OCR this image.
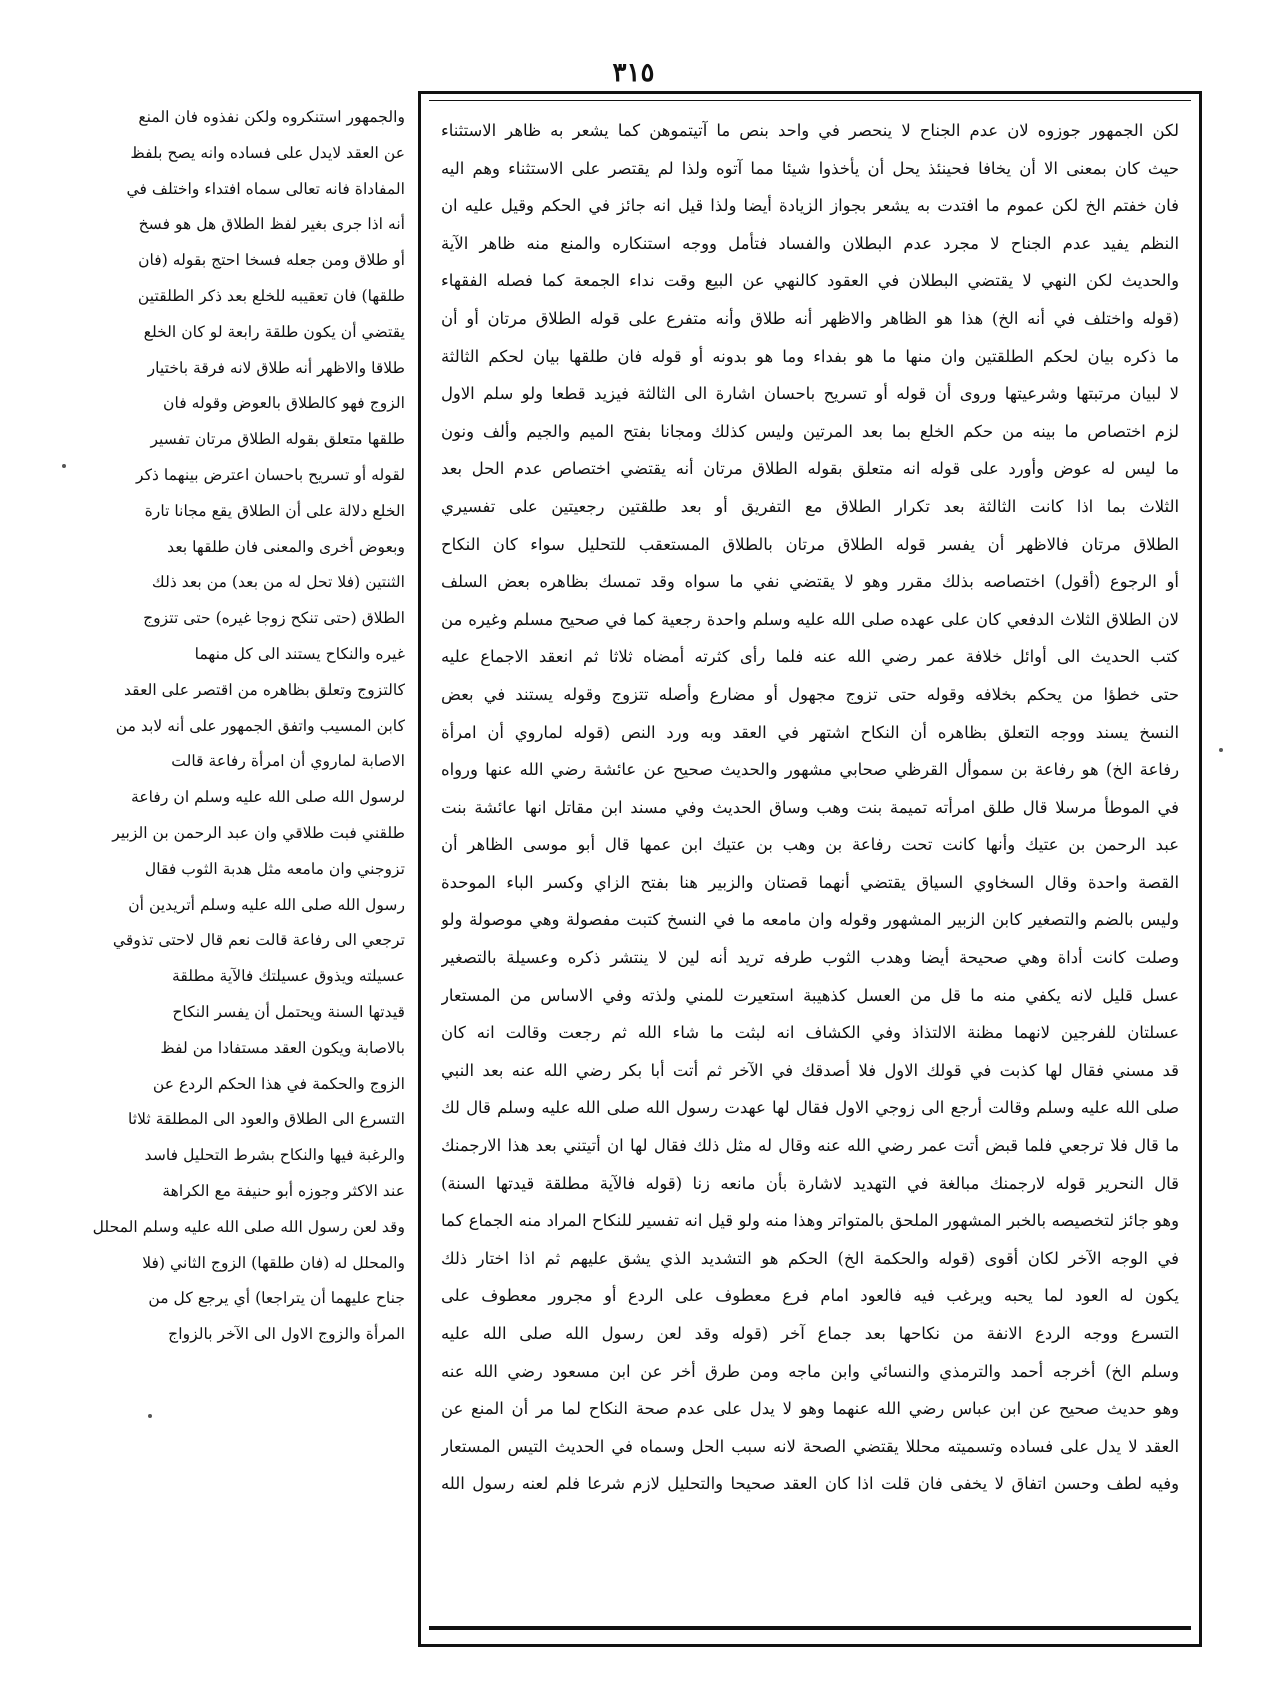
٣١٥
والجمهور استنكروه ولكن نفذوه فان المنع
عن العقد لايدل على فساده وانه يصح بلفظ
المفاداة فانه تعالى سماه افتداء واختلف في
أنه اذا جرى بغير لفظ الطلاق هل هو فسخ
أو طلاق ومن جعله فسخا احتج بقوله (فان
طلقها) فان تعقيبه للخلع بعد ذكر الطلقتين
يقتضي أن يكون طلقة رابعة لو كان الخلع
طلاقا والاظهر أنه طلاق لانه فرقة باختيار
الزوج فهو كالطلاق بالعوض وقوله فان
طلقها متعلق بقوله الطلاق مرتان تفسير
لقوله أو تسريح باحسان اعترض بينهما ذكر
الخلع دلالة على أن الطلاق يقع مجانا تارة
وبعوض أخرى والمعنى فان طلقها بعد
الثنتين (فلا تحل له من بعد) من بعد ذلك
الطلاق (حتى تنكح زوجا غيره) حتى تتزوج
غيره والنكاح يستند الى كل منهما
كالتزوج وتعلق بظاهره من اقتصر على العقد
كابن المسيب واتفق الجمهور على أنه لابد من
الاصابة لماروي أن امرأة رفاعة قالت
لرسول الله صلى الله عليه وسلم ان رفاعة
طلقني فبت طلاقي وان عبد الرحمن بن الزبير
تزوجني وان مامعه مثل هدبة الثوب فقال
رسول الله صلى الله عليه وسلم أتريدين أن
ترجعي الى رفاعة قالت نعم قال لاحتى تذوقي
عسيلته ويذوق عسيلتك فالآية مطلقة
قيدتها السنة ويحتمل أن يفسر النكاح
بالاصابة ويكون العقد مستفادا من لفظ
الزوج والحكمة في هذا الحكم الردع عن
التسرع الى الطلاق والعود الى المطلقة ثلاثا
والرغبة فيها والنكاح بشرط التحليل فاسد
عند الاكثر وجوزه أبو حنيفة مع الكراهة
وقد لعن رسول الله صلى الله عليه وسلم المحلل
والمحلل له (فان طلقها) الزوج الثاني (فلا
جناح عليهما أن يتراجعا) أي يرجع كل من
المرأة والزوج الاول الى الآخر بالزواج
لكن الجمهور جوزوه لان عدم الجناح لا ينحصر في واحد بنص ما آتيتموهن كما يشعر به ظاهر الاستثناء
حيث كان بمعنى الا أن يخافا فحينئذ يحل أن يأخذوا شيئا مما آتوه ولذا لم يقتصر على الاستثناء وهم اليه
فان خفتم الخ لكن عموم ما افتدت به يشعر بجواز الزيادة أيضا ولذا قيل انه جائز في الحكم وقيل عليه ان
النظم يفيد عدم الجناح لا مجرد عدم البطلان والفساد فتأمل ووجه استنكاره والمنع منه ظاهر الآية
والحديث لكن النهي لا يقتضي البطلان في العقود كالنهي عن البيع وقت نداء الجمعة كما فصله الفقهاء
(قوله واختلف في أنه الخ) هذا هو الظاهر والاظهر أنه طلاق وأنه متفرع على قوله الطلاق مرتان أو أن
ما ذكره بيان لحكم الطلقتين وان منها ما هو بفداء وما هو بدونه أو قوله فان طلقها بيان لحكم الثالثة
لا لبيان مرتبتها وشرعيتها وروى أن قوله أو تسريح باحسان اشارة الى الثالثة فيزيد قطعا ولو سلم الاول
لزم اختصاص ما بينه من حكم الخلع بما بعد المرتين وليس كذلك ومجانا بفتح الميم والجيم وألف ونون
ما ليس له عوض وأورد على قوله انه متعلق بقوله الطلاق مرتان أنه يقتضي اختصاص عدم الحل بعد
الثلاث بما اذا كانت الثالثة بعد تكرار الطلاق مع التفريق أو بعد طلقتين رجعيتين على تفسيري
الطلاق مرتان فالاظهر أن يفسر قوله الطلاق مرتان بالطلاق المستعقب للتحليل سواء كان النكاح
أو الرجوع (أقول) اختصاصه بذلك مقرر وهو لا يقتضي نفي ما سواه وقد تمسك بظاهره بعض السلف
لان الطلاق الثلاث الدفعي كان على عهده صلى الله عليه وسلم واحدة رجعية كما في صحيح مسلم وغيره من
كتب الحديث الى أوائل خلافة عمر رضي الله عنه فلما رأى كثرته أمضاه ثلاثا ثم انعقد الاجماع عليه
حتى خطؤا من يحكم بخلافه وقوله حتى تزوج مجهول أو مضارع وأصله تتزوج وقوله يستند في بعض
النسخ يسند ووجه التعلق بظاهره أن النكاح اشتهر في العقد وبه ورد النص (قوله لماروي أن امرأة
رفاعة الخ) هو رفاعة بن سموأل القرظي صحابي مشهور والحديث صحيح عن عائشة رضي الله عنها ورواه
في الموطأ مرسلا قال طلق امرأته تميمة بنت وهب وساق الحديث وفي مسند ابن مقاتل انها عائشة بنت
عبد الرحمن بن عتيك وأنها كانت تحت رفاعة بن وهب بن عتيك ابن عمها قال أبو موسى الظاهر أن
القصة واحدة وقال السخاوي السياق يقتضي أنهما قصتان والزبير هنا بفتح الزاي وكسر الباء الموحدة
وليس بالضم والتصغير كابن الزبير المشهور وقوله وان مامعه ما في النسخ كتبت مفصولة وهي موصولة ولو
وصلت كانت أداة وهي صحيحة أيضا وهدب الثوب طرفه تريد أنه لين لا ينتشر ذكره وعسيلة بالتصغير
عسل قليل لانه يكفي منه ما قل من العسل كذهيبة استعيرت للمني ولذته وفي الاساس من المستعار
عسلتان للفرجين لانهما مظنة الالتذاذ وفي الكشاف انه لبثت ما شاء الله ثم رجعت وقالت انه كان
قد مسني فقال لها كذبت في قولك الاول فلا أصدقك في الآخر ثم أتت أبا بكر رضي الله عنه بعد النبي
صلى الله عليه وسلم وقالت أرجع الى زوجي الاول فقال لها عهدت رسول الله صلى الله عليه وسلم قال لك
ما قال فلا ترجعي فلما قبض أتت عمر رضي الله عنه وقال له مثل ذلك فقال لها ان أتيتني بعد هذا الارجمنك
قال النحرير قوله لارجمنك مبالغة في التهديد لاشارة بأن مانعه زنا (قوله فالآية مطلقة قيدتها السنة)
وهو جائز لتخصيصه بالخبر المشهور الملحق بالمتواتر وهذا منه ولو قيل انه تفسير للنكاح المراد منه الجماع كما
في الوجه الآخر لكان أقوى (قوله والحكمة الخ) الحكم هو التشديد الذي يشق عليهم ثم اذا اختار ذلك
يكون له العود لما يحبه ويرغب فيه فالعود امام فرع معطوف على الردع أو مجرور معطوف على
التسرع ووجه الردع الانفة من نكاحها بعد جماع آخر (قوله وقد لعن رسول الله صلى الله عليه
وسلم الخ) أخرجه أحمد والترمذي والنسائي وابن ماجه ومن طرق أخر عن ابن مسعود رضي الله عنه
وهو حديث صحيح عن ابن عباس رضي الله عنهما وهو لا يدل على عدم صحة النكاح لما مر أن المنع عن
العقد لا يدل على فساده وتسميته محللا يقتضي الصحة لانه سبب الحل وسماه في الحديث التيس المستعار
وفيه لطف وحسن اتفاق لا يخفى فان قلت اذا كان العقد صحيحا والتحليل لازم شرعا فلم لعنه رسول الله
